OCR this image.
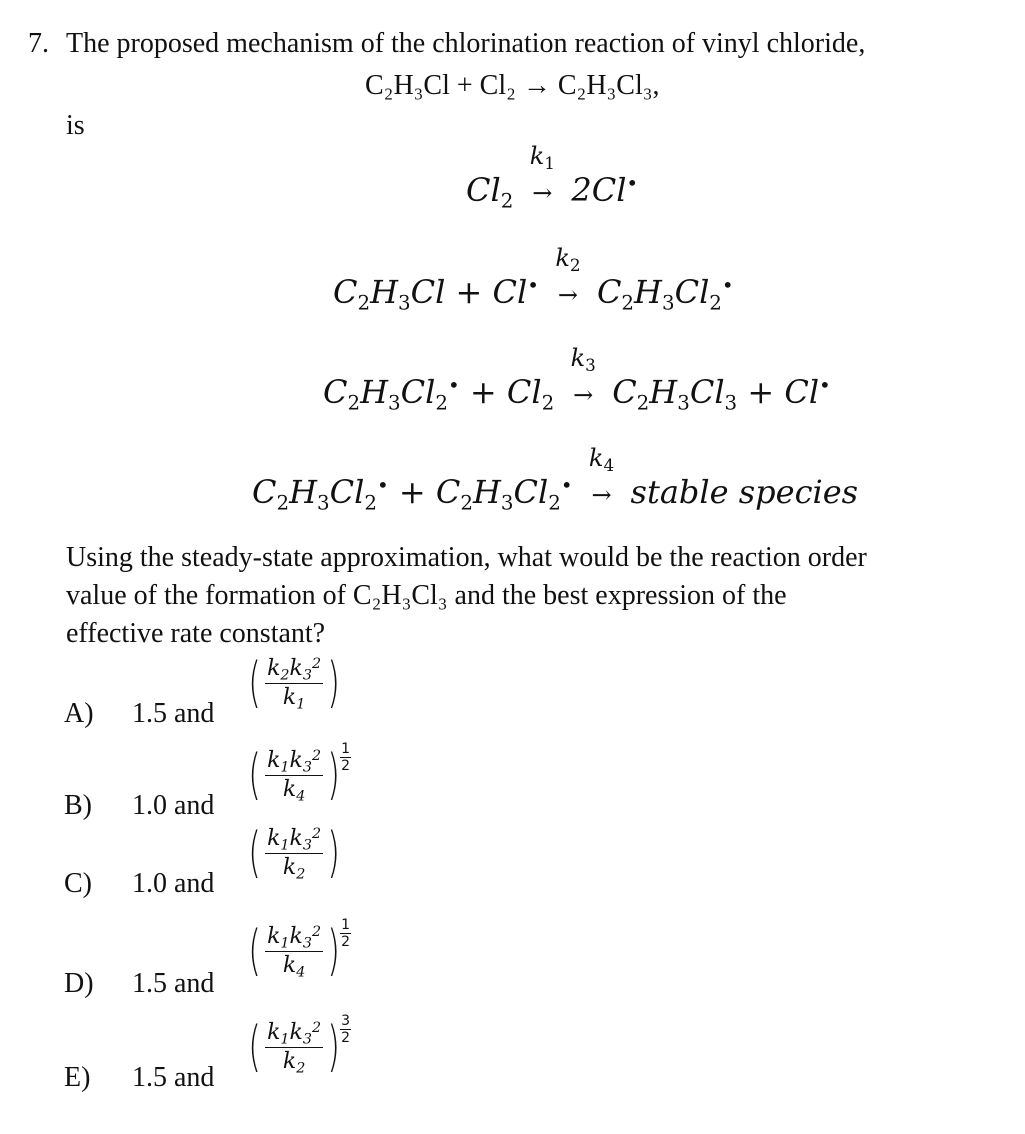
7. The proposed mechanism of the chlorination reaction of vinyl chloride,
C₂H₃Cl + Cl₂ → C₂H₃Cl₃,
is
$Cl_2$
$k_1$
→ 2Cl•
$C_2H_3Cl + Cl^•$
$k_2$
→ $C_2H_3Cl_2^•$
$C_2H_3Cl_2^• + Cl_2$
$k_3$
→ $C_2H_3Cl_3 + Cl^•$
$C_2H_3Cl_2^• + C_2H_3Cl_2^•$
$k_4$
→ stable species
Using the steady-state approximation, what would be the reaction order
value of the formation of C₂H₃Cl₃ and the best expression of the
effective rate constant?
A) 1.5 and ( $\frac{k_2k_3^2}{k_1}$ )
B) 1.0 and ( $\frac{k_1k_3^2}{k_4}$ ) 1
2
C) 1.0 and ( $\frac{k_1k_3^2}{k_2}$ )
D) 1.5 and
( $\frac{k_1k_3^2}{k_4}$ ) 1
2
E) 1.5 and ( $\frac{k_1k_3^2}{k_2}$ ) 3
2
